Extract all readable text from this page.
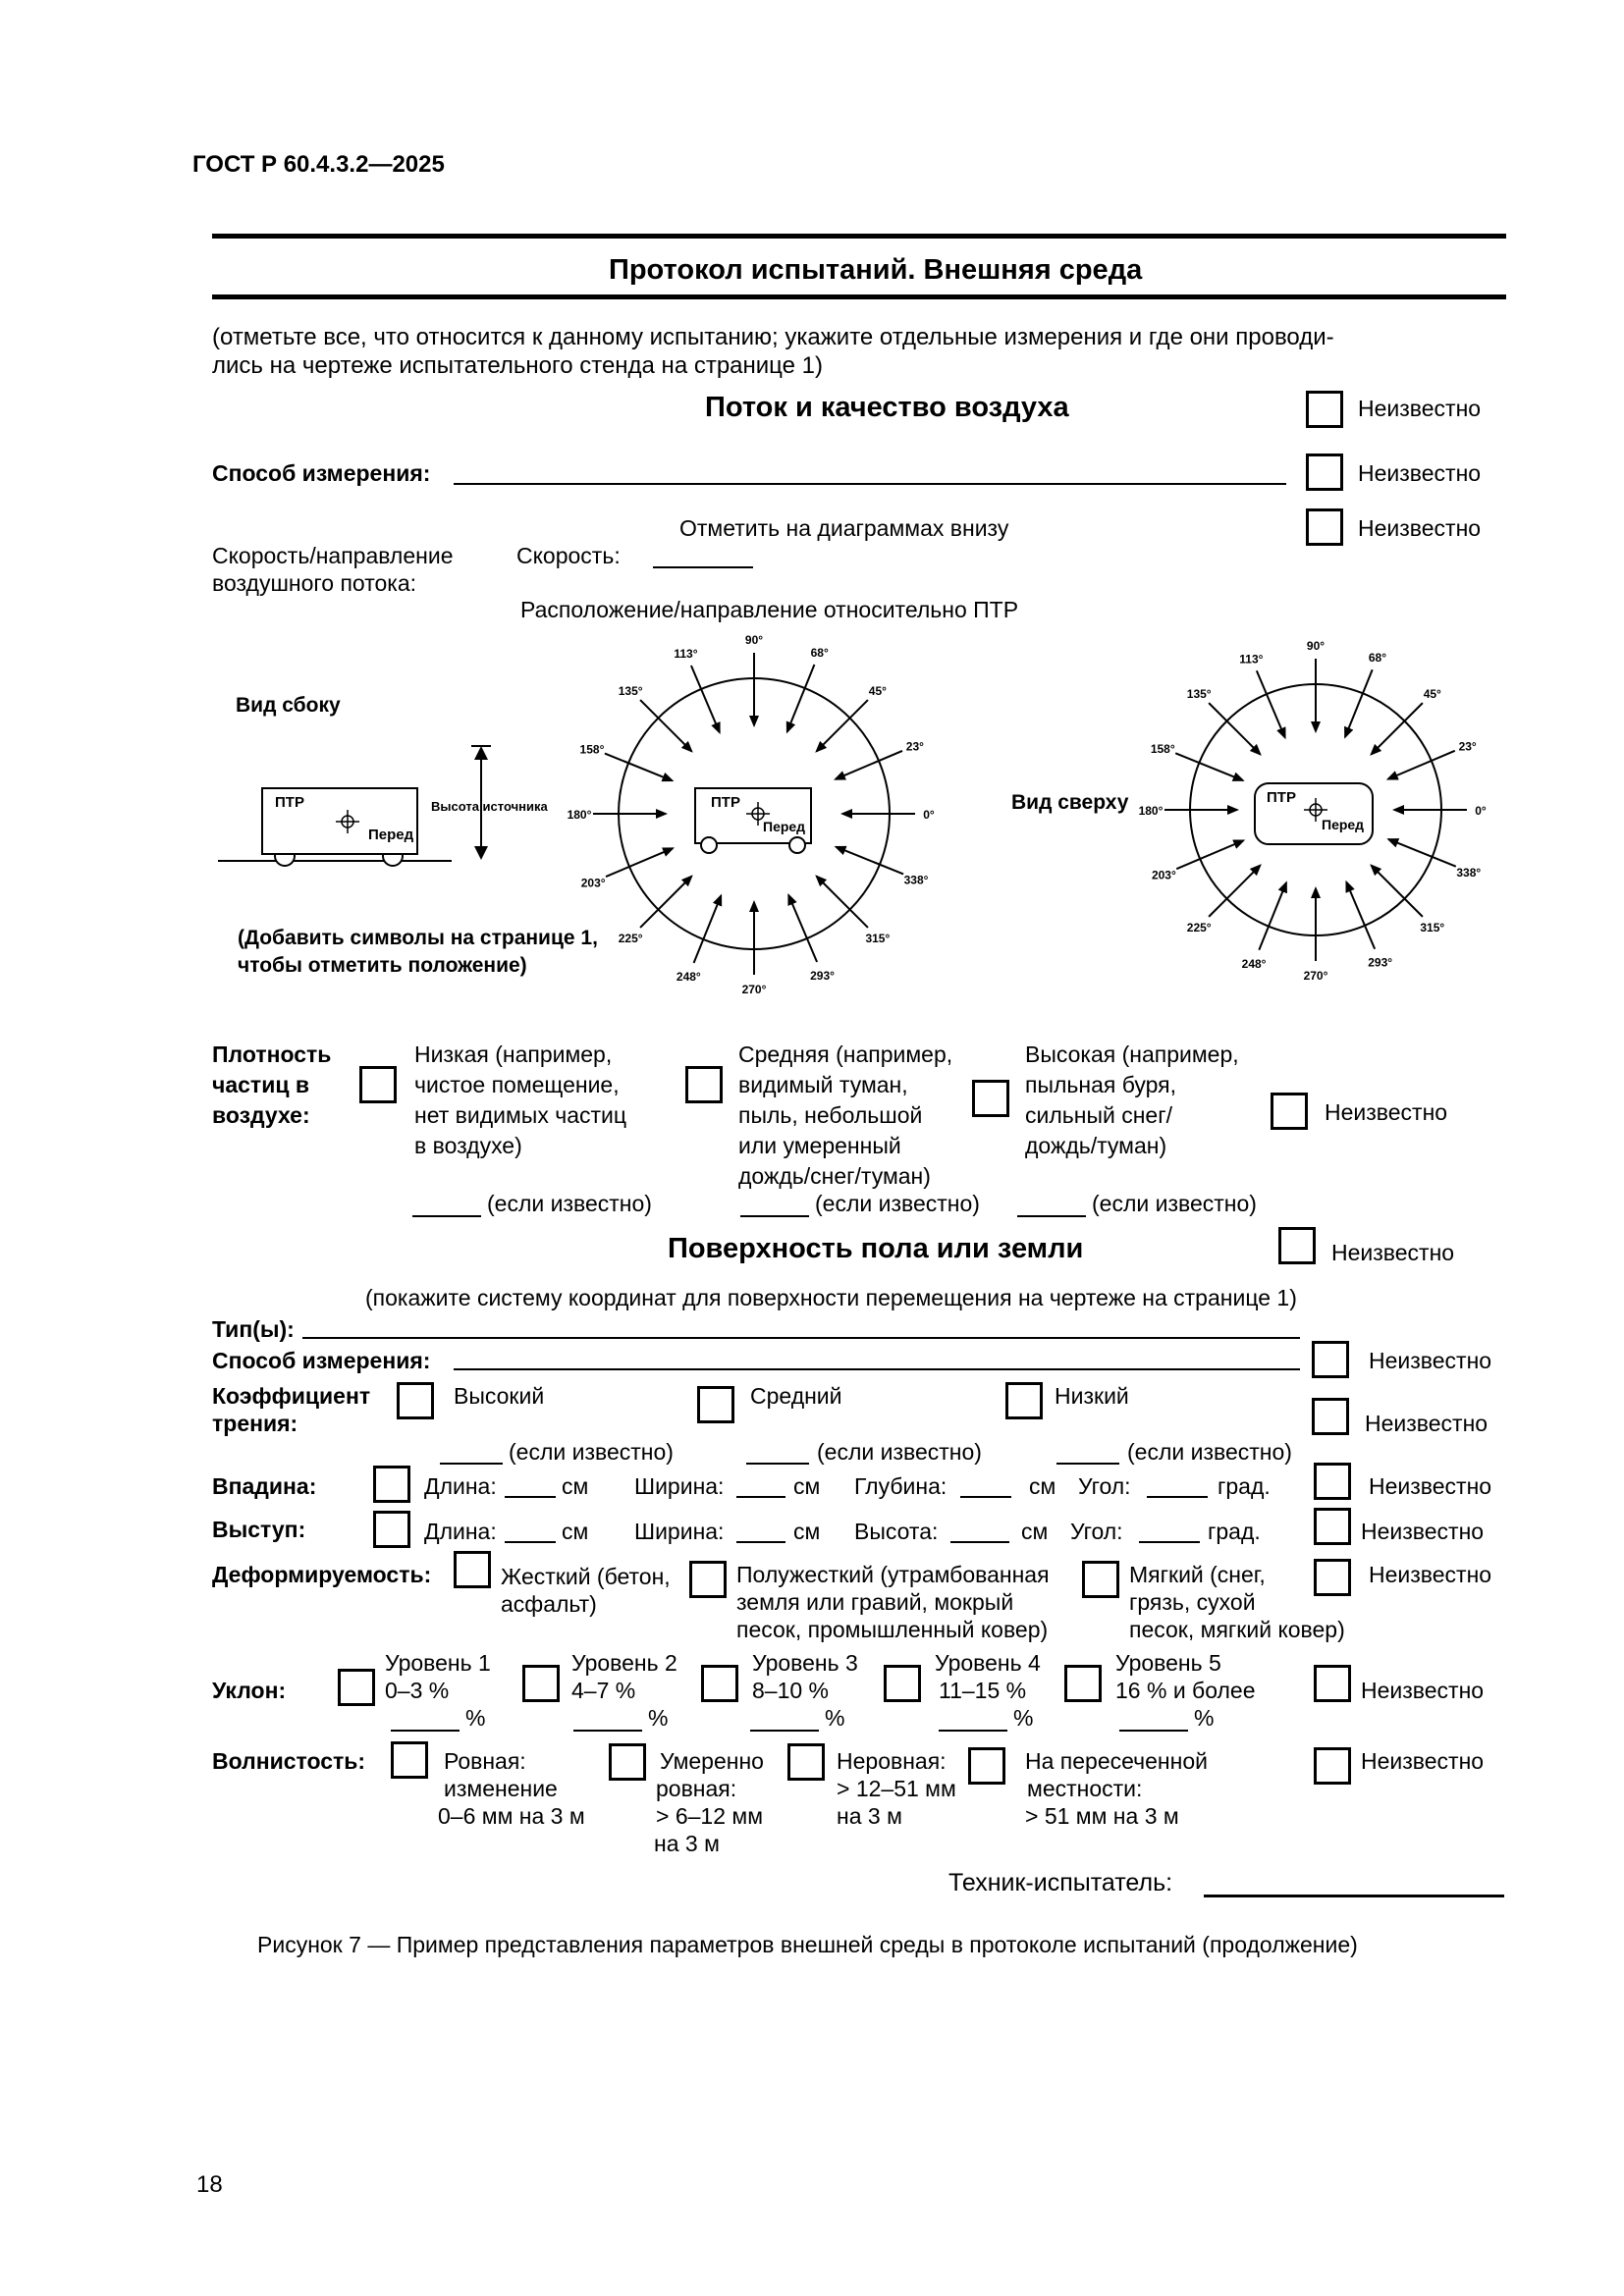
ГОСТ Р 60.4.3.2—2025
Протокол испытаний. Внешняя среда
(отметьте все, что относится к данному испытанию; укажите отдельные измерения и где они проводи-
лись на чертеже испытательного стенда на странице 1)
Поток и качество воздуха	Неизвестно
Способ измерения:	Неизвестно
Отметить на диаграммах внизу	Неизвестно
Скорость/направление
воздушного потока:
Скорость:
Расположение/направление относительно ПТР
Вид сбоку
ПТР
Перед
Высота источника
(Добавить символы на странице 1,
чтобы отметить положение)
0°
23°
45°
68°
90°
113°
135°
158°
180°
203°
225°
248°
270°
293°
315°
338°
ПТР
Перед
Вид сверху	0°
23°
45°
68°
90°
113°
135°
158°
180°
203°
225°
248°
270°
293°
315°
338°
ПТР
Перед
Плотность
частиц в
воздухе:
Низкая (например,
чистое помещение,
нет видимых частиц
в воздухе)
Средняя (например,
видимый туман,
пыль, небольшой
или умеренный
дождь/снег/туман)
Высокая (например,
пыльная буря,
сильный снег/
дождь/туман)
Неизвестно
(если известно)	(если известно)	(если известно)
Поверхность пола или земли	Неизвестно
(покажите систему координат для поверхности перемещения на чертеже на странице 1)
Тип(ы):
Способ измерения:	Неизвестно
Коэффициент
трения:
Высокий	Средний	Низкий
Неизвестно
(если известно)	(если известно)	(если известно)
Впадина:	Длина:	см Ширина:	см Глубина:	см Угол:	град.	Неизвестно
Выступ:	Длина:	см Ширина:	см Высота:	см Угол:	град.	Неизвестно
Деформируемость:	Жесткий (бетон,
асфальт)
Полужесткий (утрамбованная
земля или гравий, мокрый
песок, промышленный ковер)
Мягкий (снег,
грязь, сухой
песок, мягкий ковер)
Неизвестно
Уклон:
Уровень 1
0–3 %
%
Уровень 2
4–7 %
%
Уровень 3
8–10 %
%
Уровень 4
11–15 %
%
Уровень 5
16 % и более
%
Неизвестно
Волнистость:	Ровная:
изменение
0–6 мм на 3 м
Умеренно
ровная:
> 6–12 мм
на 3 м
Неровная:
> 12–51 мм
на 3 м
На пересеченной
местности:
> 51 мм на 3 м
Неизвестно
Техник-испытатель:
Рисунок 7 — Пример представления параметров внешней среды в протоколе испытаний (продолжение)
18
